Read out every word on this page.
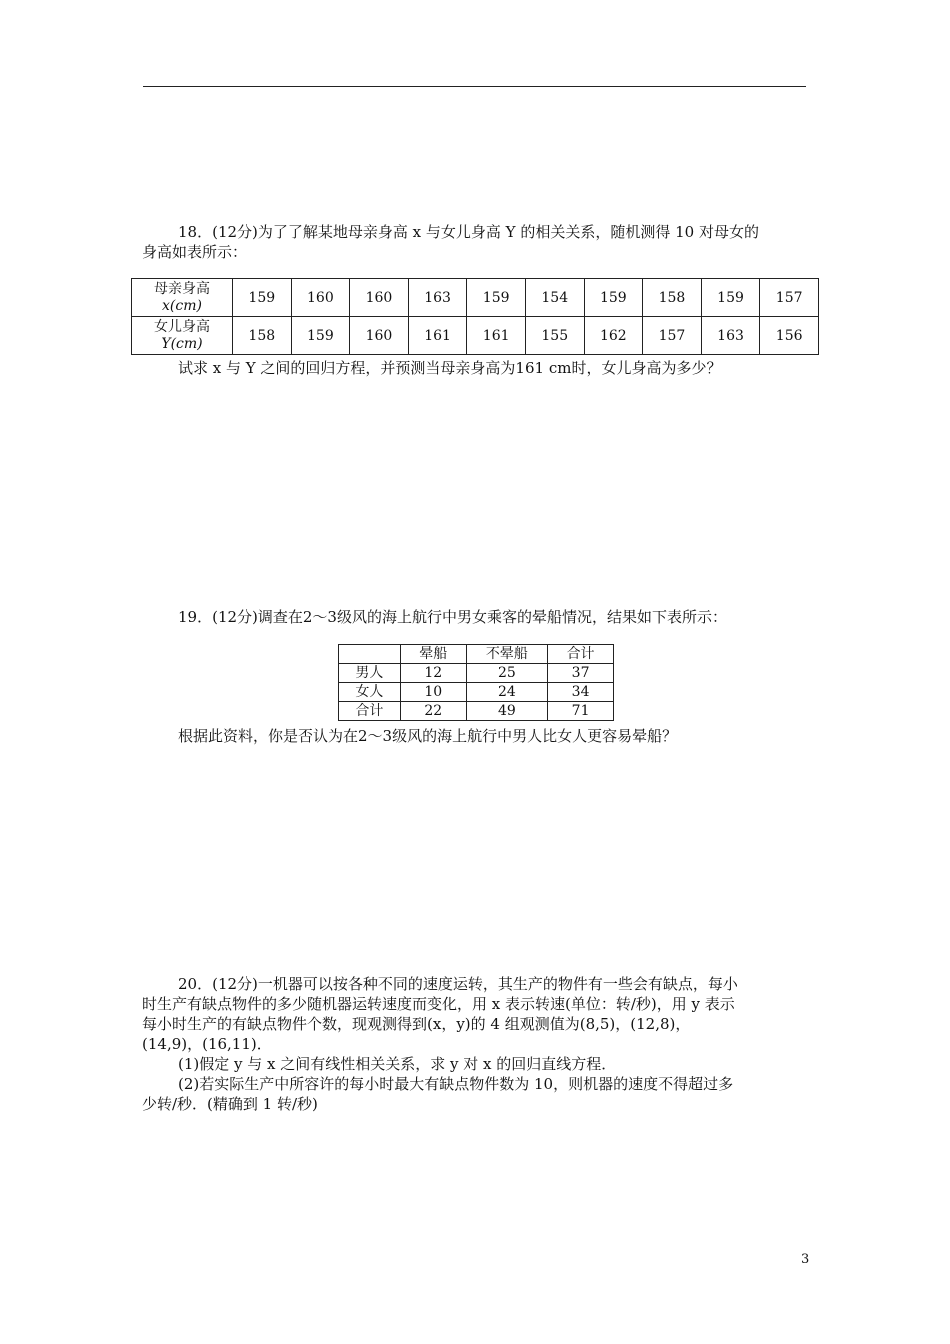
18．(12分)为了了解某地母亲身高 x 与女儿身高 Y 的相关关系，随机测得 10 对母女的
身高如表所示：
母亲身高
x(cm)	159	160	160	163	159	154	159	158	159	157
女儿身高
Y(cm)	158	159	160	161	161	155	162	157	163	156
试求 x 与 Y 之间的回归方程，并预测当母亲身高为161 cm时，女儿身高为多少？
19．(12分)调查在2～3级风的海上航行中男女乘客的晕船情况，结果如下表所示：
	晕船	不晕船	合计
男人	12	25	37
女人	10	24	34
合计	22	49	71
根据此资料，你是否认为在2～3级风的海上航行中男人比女人更容易晕船？
20．(12分)一机器可以按各种不同的速度运转，其生产的物件有一些会有缺点，每小
时生产有缺点物件的多少随机器运转速度而变化，用 x 表示转速(单位：转/秒)，用 y 表示
每小时生产的有缺点物件个数，现观测得到(x，y)的 4 组观测值为(8,5)，(12,8)，
(14,9)，(16,11)．
(1)假定 y 与 x 之间有线性相关关系，求 y 对 x 的回归直线方程．
(2)若实际生产中所容许的每小时最大有缺点物件数为 10，则机器的速度不得超过多
少转/秒．(精确到 1 转/秒)
3
